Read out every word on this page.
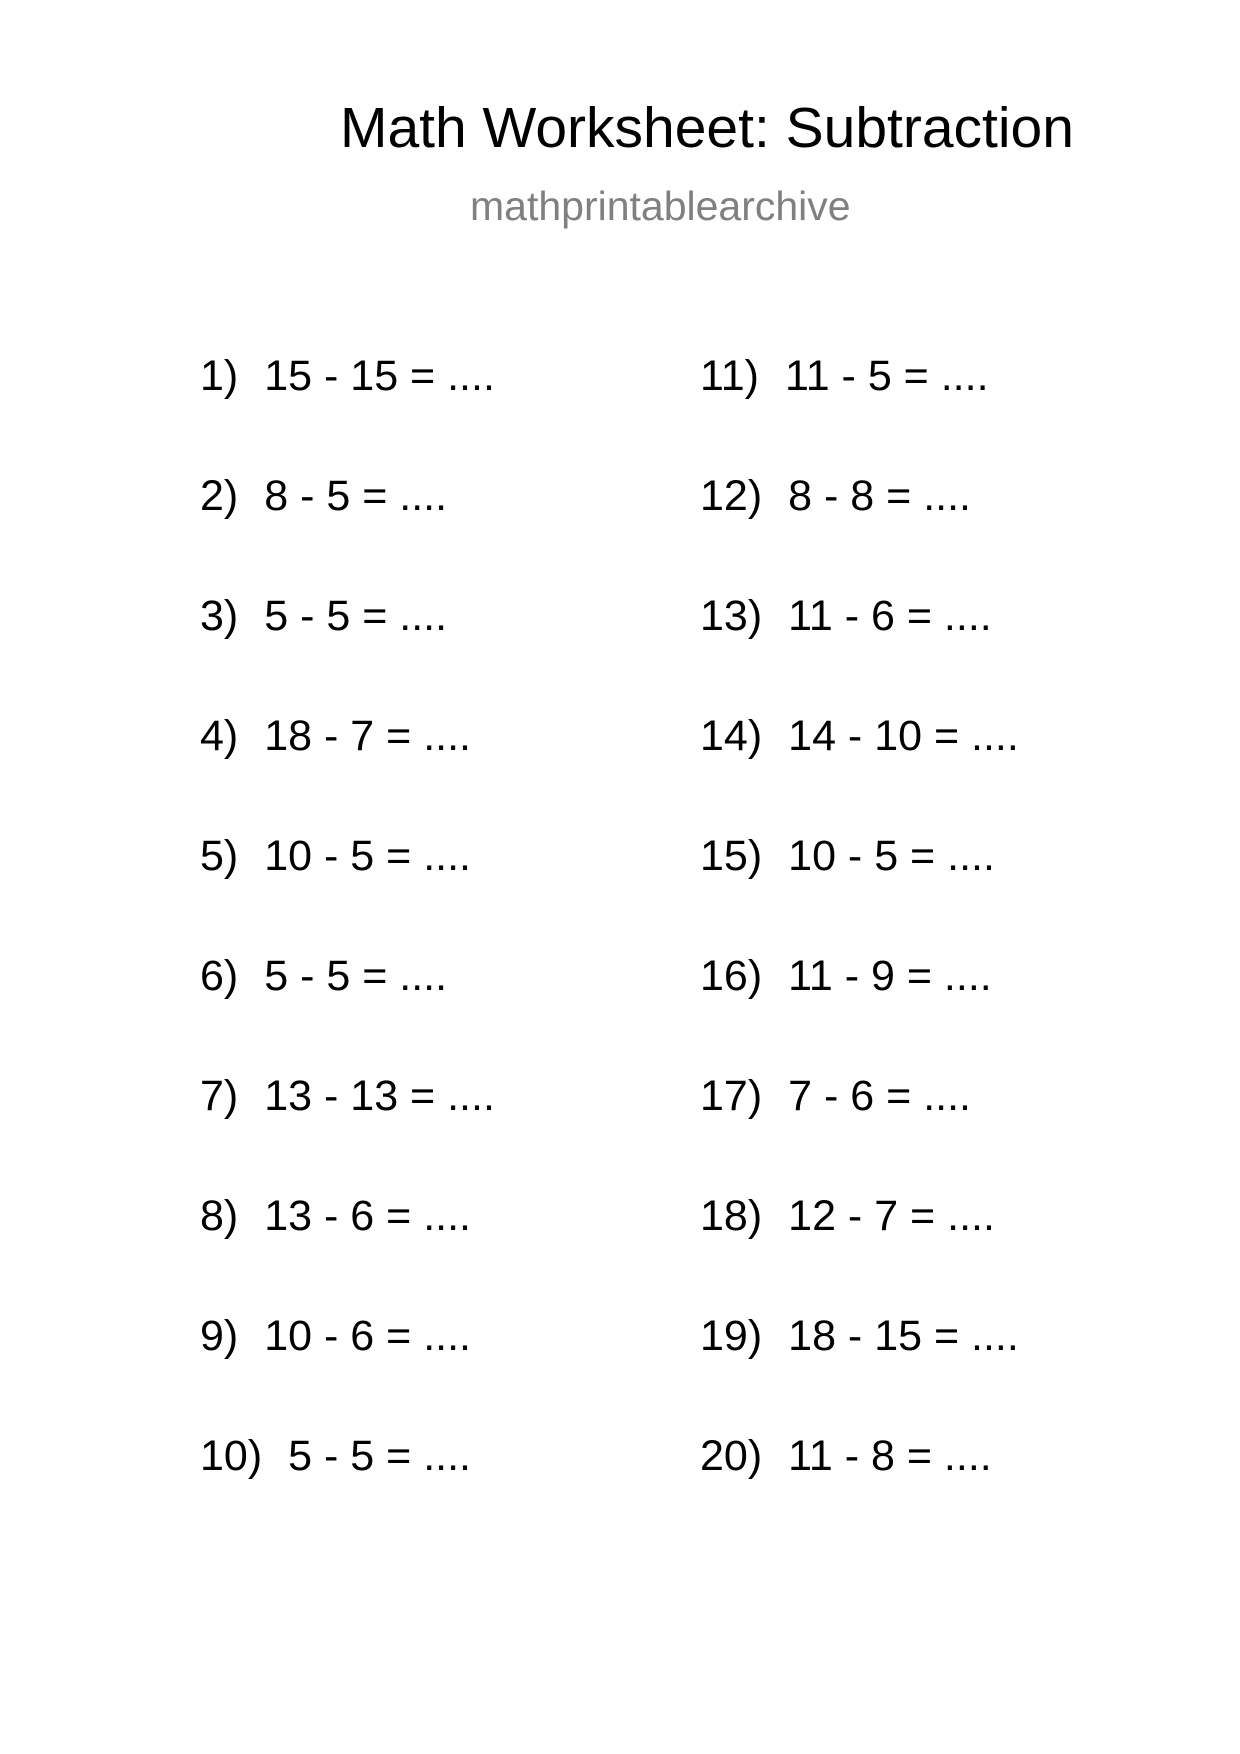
Math Worksheet: Subtraction
mathprintablearchive
1) 15 - 15 = ....
2) 8 - 5 = ....
3) 5 - 5 = ....
4) 18 - 7 = ....
5) 10 - 5 = ....
6) 5 - 5 = ....
7) 13 - 13 = ....
8) 13 - 6 = ....
9) 10 - 6 = ....
10) 5 - 5 = ....
11) 11 - 5 = ....
12) 8 - 8 = ....
13) 11 - 6 = ....
14) 14 - 10 = ....
15) 10 - 5 = ....
16) 11 - 9 = ....
17) 7 - 6 = ....
18) 12 - 7 = ....
19) 18 - 15 = ....
20) 11 - 8 = ....
